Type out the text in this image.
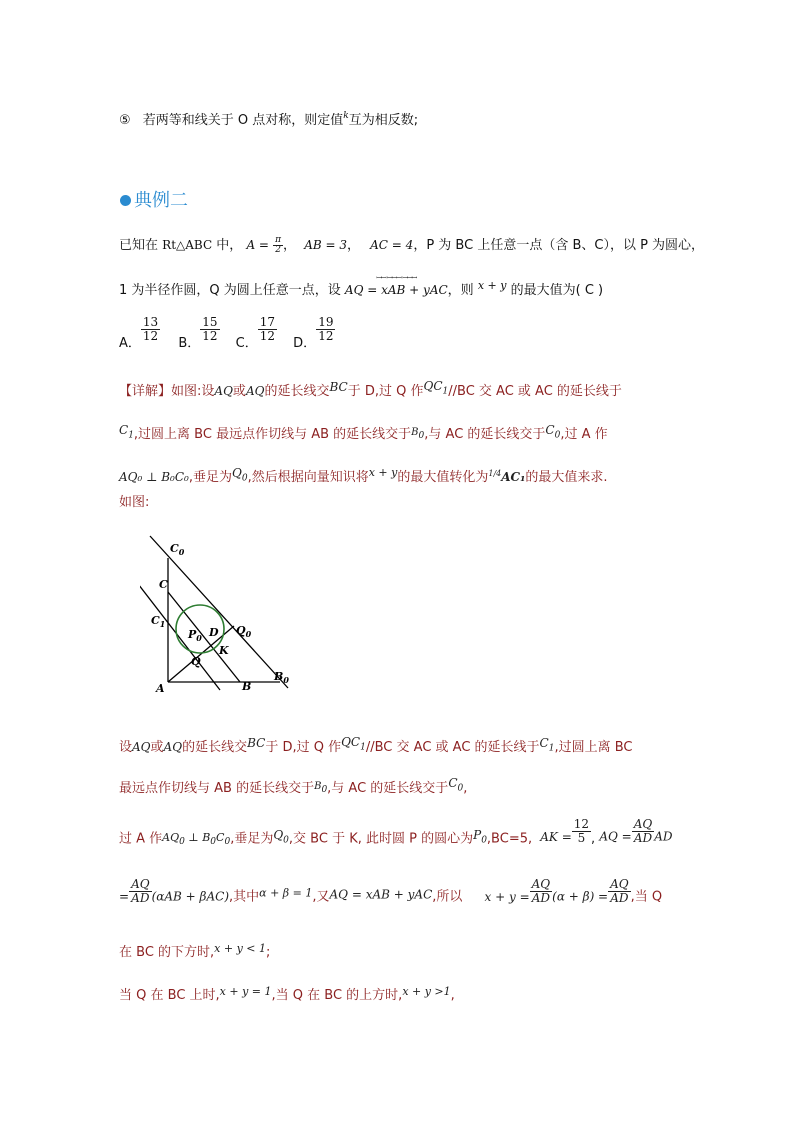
⑤ 若两等和线关于 O 点对称，则定值$^k$互为相反数;
典例二
已知在 Rt△ABC 中， $A = \frac{\pi}{2}$ ， AB = 3， AC = 4，P 为 BC 上任意一点（含 B、C），以 P 为圆心，
1 为半径作圆，Q 为圆上任意一点，设
ꟷꟷ ꟷꟷꟷ ꟷꟷꟷ
AQ = xAB + yAC，则 $^{x + y}$ 的最大值为( C )
A．
$\frac{13}{12}$
B．
$\frac{15}{12}$
C．
$\frac{17}{12}$
D．
$\frac{19}{12}$
【详解】如图:设AQ或AQ的延长线交BC于 D,过 Q 作$QC_1//BC$ 交 AC 或 AC 的延长线于
$C_1$,过圆上离 BC 最远点作切线与 AB 的延长线交于$^{B0}$,与 AC 的延长线交于$C_0$,过 A 作
AQ₀ ⊥ B₀C₀,垂足为$Q_0$,然后根据向量知识将$^{x + y}$的最大值转化为$^{1/4}$AC₁的最大值来求.
如图:
$C_0$
C
$C_1$
$P_0$ D $Q_0$
K
Q
A	B
$B_0$
设AQ或AQ的延长线交BC于 D,过 Q 作$QC_1//BC$ 交 AC 或 AC 的延长线于$C_1$,过圆上离 BC
最远点作切线与 AB 的延长线交于$^{B0}$,与 AC 的延长线交于$C_0$,
过 A 作$_{AQ_0 \perp B_0C_0}$,垂足为$Q_0$,交 BC 于 K, 此时圆 P 的圆心为$P_0,BC=5$, AK = $\frac{12}{5}$ , AQ = $\frac{AQ}{AD}$ AD
= $\frac{AQ}{AD} (\alpha AB + \beta AC)$,其中α + β = 1,又AQ = xAB + yAC,所以 $x + y = \frac{AQ}{AD} (\alpha + \beta) = \frac{AQ}{AD}$ ,当 Q
在 BC 的下方时,$^{x + y < 1}$;
当 Q 在 BC 上时,$^{x + y = 1}$,当 Q 在 BC 的上方时,$^{x + y >1}$,
